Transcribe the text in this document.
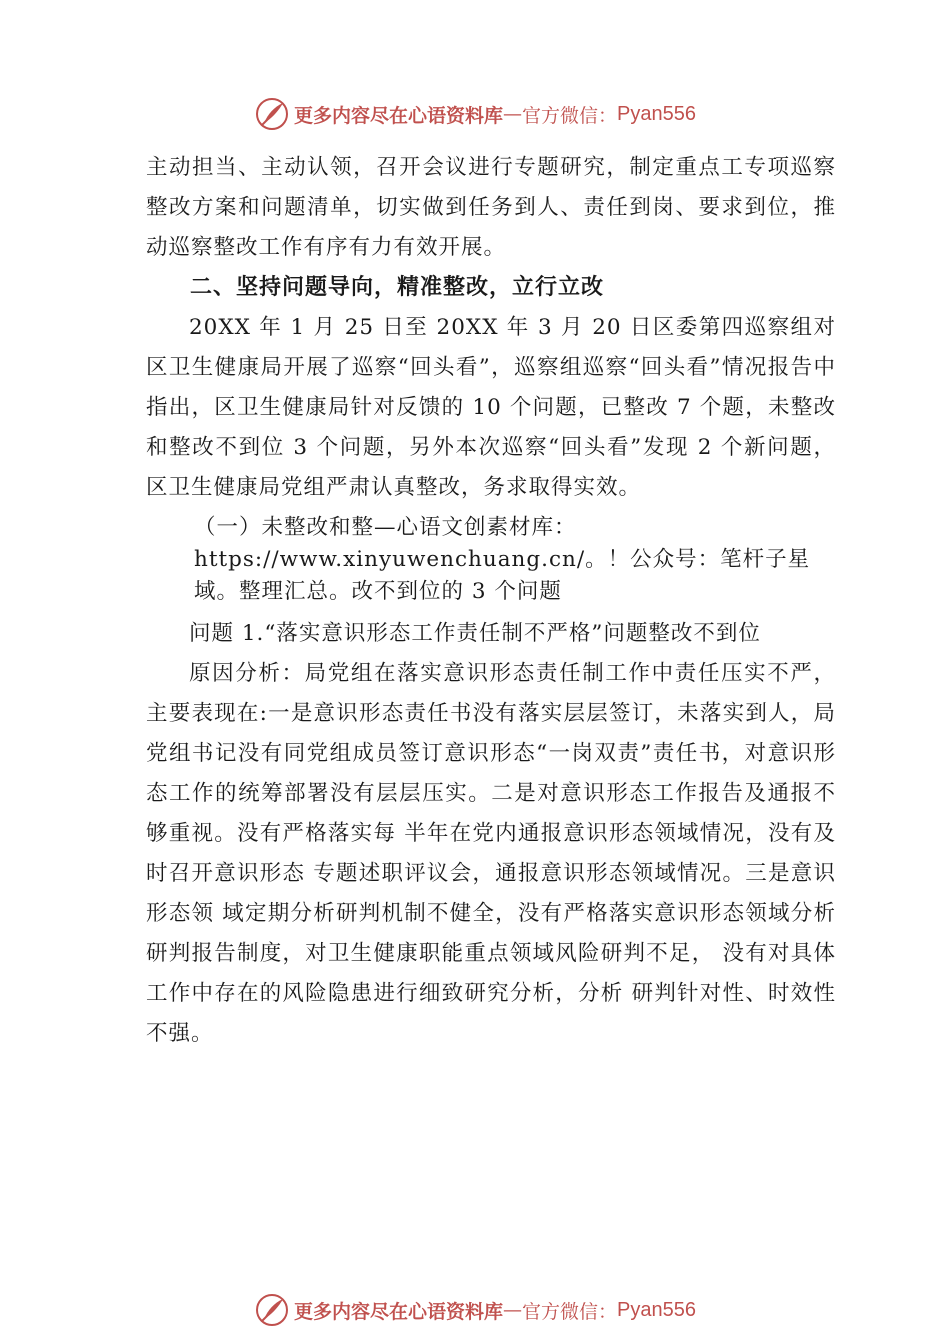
更多内容尽在心语资料库 — 官方微信： Pyan556

主动担当、主动认领，召开会议进行专题研究，制定重点工专项巡察整改方案和问题清单，切实做到任务到人、责任到岗、要求到位，推动巡察整改工作有序有力有效开展。

二、坚持问题导向，精准整改，立行立改

20XX 年 1 月 25 日至 20XX 年 3 月 20 日区委第四巡察组对区卫生健康局开展了巡察“回头看”，巡察组巡察“回头看”情况报告中指出，区卫生健康局针对反馈的 10 个问题，已整改 7 个题，未整改和整改不到位 3 个问题，另外本次巡察“回头看”发现 2 个新问题，区卫生健康局党组严肃认真整改，务求取得实效。

（一）未整改和整—心语文创素材库：https://www.xinyuwenchuang.cn/。！公众号：笔杆子星域。整理汇总。改不到位的 3 个问题

问题 1.“落实意识形态工作责任制不严格”问题整改不到位

原因分析：局党组在落实意识形态责任制工作中责任压实不严，主要表现在:一是意识形态责任书没有落实层层签订，未落实到人，局党组书记没有同党组成员签订意识形态“一岗双责”责任书，对意识形态工作的统筹部署没有层层压实。二是对意识形态工作报告及通报不够重视。没有严格落实每 半年在党内通报意识形态领域情况，没有及时召开意识形态 专题述职评议会，通报意识形态领域情况。三是意识形态领 域定期分析研判机制不健全，没有严格落实意识形态领域分析研判报告制度，对卫生健康职能重点领域风险研判不足， 没有对具体工作中存在的风险隐患进行细致研究分析，分析 研判针对性、时效性不强。

更多内容尽在心语资料库 — 官方微信： Pyan556
